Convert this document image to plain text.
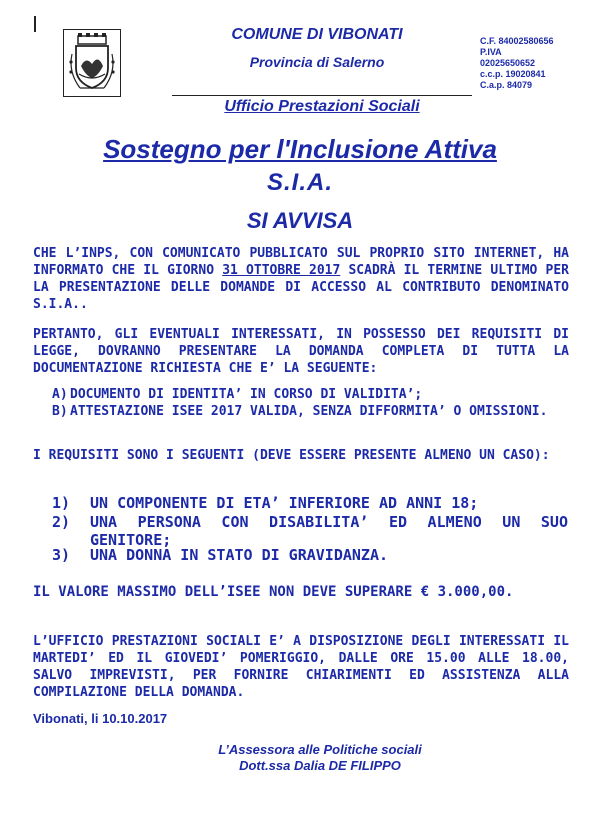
COMUNE DI VIBONATI
Provincia di Salerno
C.F. 84002580656
P.IVA
02025650652
c.c.p. 19020841
C.a.p. 84079
Ufficio Prestazioni Sociali
Sostegno per l'Inclusione Attiva
S.I.A.
SI AVVISA
CHE L’INPS, CON COMUNICATO PUBBLICATO SUL PROPRIO SITO INTERNET, HA INFORMATO CHE IL GIORNO 31 OTTOBRE 2017 SCADRÀ IL TERMINE ULTIMO PER LA PRESENTAZIONE DELLE DOMANDE DI ACCESSO AL CONTRIBUTO DENOMINATO S.I.A..
PERTANTO, GLI EVENTUALI INTERESSATI, IN POSSESSO DEI REQUISITI DI LEGGE, DOVRANNO PRESENTARE LA DOMANDA COMPLETA DI TUTTA LA DOCUMENTAZIONE RICHIESTA CHE E’ LA SEGUENTE:
A) DOCUMENTO DI IDENTITA’ IN CORSO DI VALIDITA’;
B) ATTESTAZIONE ISEE 2017 VALIDA, SENZA DIFFORMITA’ O OMISSIONI.
I REQUISITI SONO I SEGUENTI (DEVE ESSERE PRESENTE ALMENO UN CASO):
1)	UN COMPONENTE DI ETA’ INFERIORE AD ANNI 18;
2)	UNA PERSONA CON DISABILITA’ ED ALMENO UN SUO GENITORE;
3)	UNA DONNA IN STATO DI GRAVIDANZA.
IL VALORE MASSIMO DELL’ISEE NON DEVE SUPERARE € 3.000,00.
L’UFFICIO PRESTAZIONI SOCIALI E’ A DISPOSIZIONE DEGLI INTERESSATI IL MARTEDI’ ED IL GIOVEDI’ POMERIGGIO, DALLE ORE 15.00 ALLE 18.00, SALVO IMPREVISTI, PER FORNIRE CHIARIMENTI ED ASSISTENZA ALLA COMPILAZIONE DELLA DOMANDA.
Vibonati, li 10.10.2017
L’Assessora alle Politiche sociali
Dott.ssa Dalia DE FILIPPO
